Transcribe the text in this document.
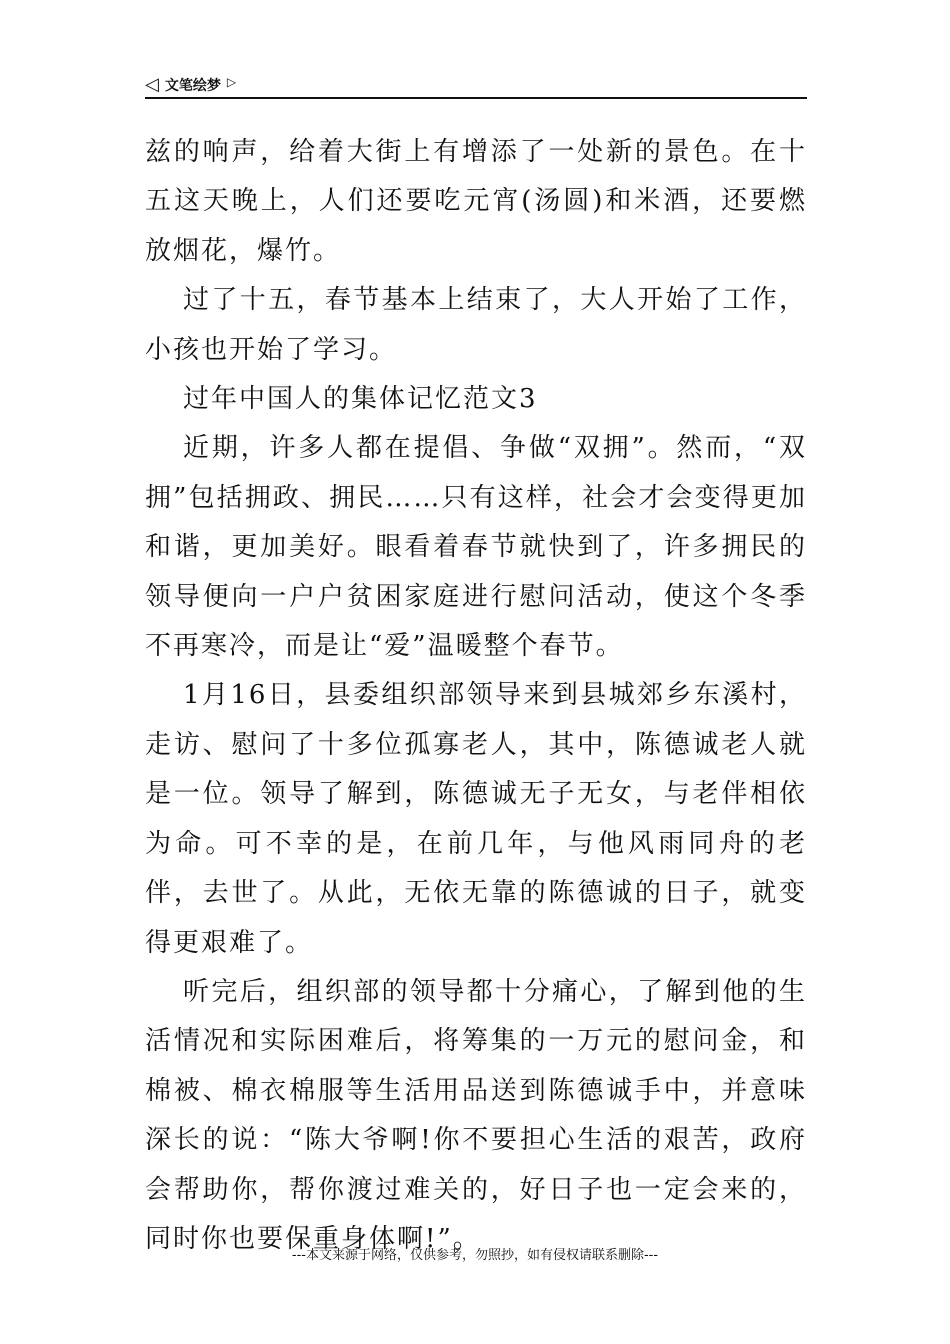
◁ 文笔绘梦 ▷

兹的响声，给着大街上有增添了一处新的景色。在十五这天晚上，人们还要吃元宵(汤圆)和米酒，还要燃放烟花，爆竹。

过了十五，春节基本上结束了，大人开始了工作，小孩也开始了学习。

过年中国人的集体记忆范文3

近期，许多人都在提倡、争做“双拥”。然而，“双拥”包括拥政、拥民……只有这样，社会才会变得更加和谐，更加美好。眼看着春节就快到了，许多拥民的领导便向一户户贫困家庭进行慰问活动，使这个冬季不再寒冷，而是让“爱”温暖整个春节。

1月16日，县委组织部领导来到县城郊乡东溪村，走访、慰问了十多位孤寡老人，其中，陈德诚老人就是一位。领导了解到，陈德诚无子无女，与老伴相依为命。可不幸的是，在前几年，与他风雨同舟的老伴，去世了。从此，无依无靠的陈德诚的日子，就变得更艰难了。

听完后，组织部的领导都十分痛心，了解到他的生活情况和实际困难后，将筹集的一万元的慰问金，和棉被、棉衣棉服等生活用品送到陈德诚手中，并意味深长的说：“陈大爷啊!你不要担心生活的艰苦，政府会帮助你，帮你渡过难关的，好日子也一定会来的，同时你也要保重身体啊!”。

---本文来源于网络，仅供参考，勿照抄，如有侵权请联系删除---
